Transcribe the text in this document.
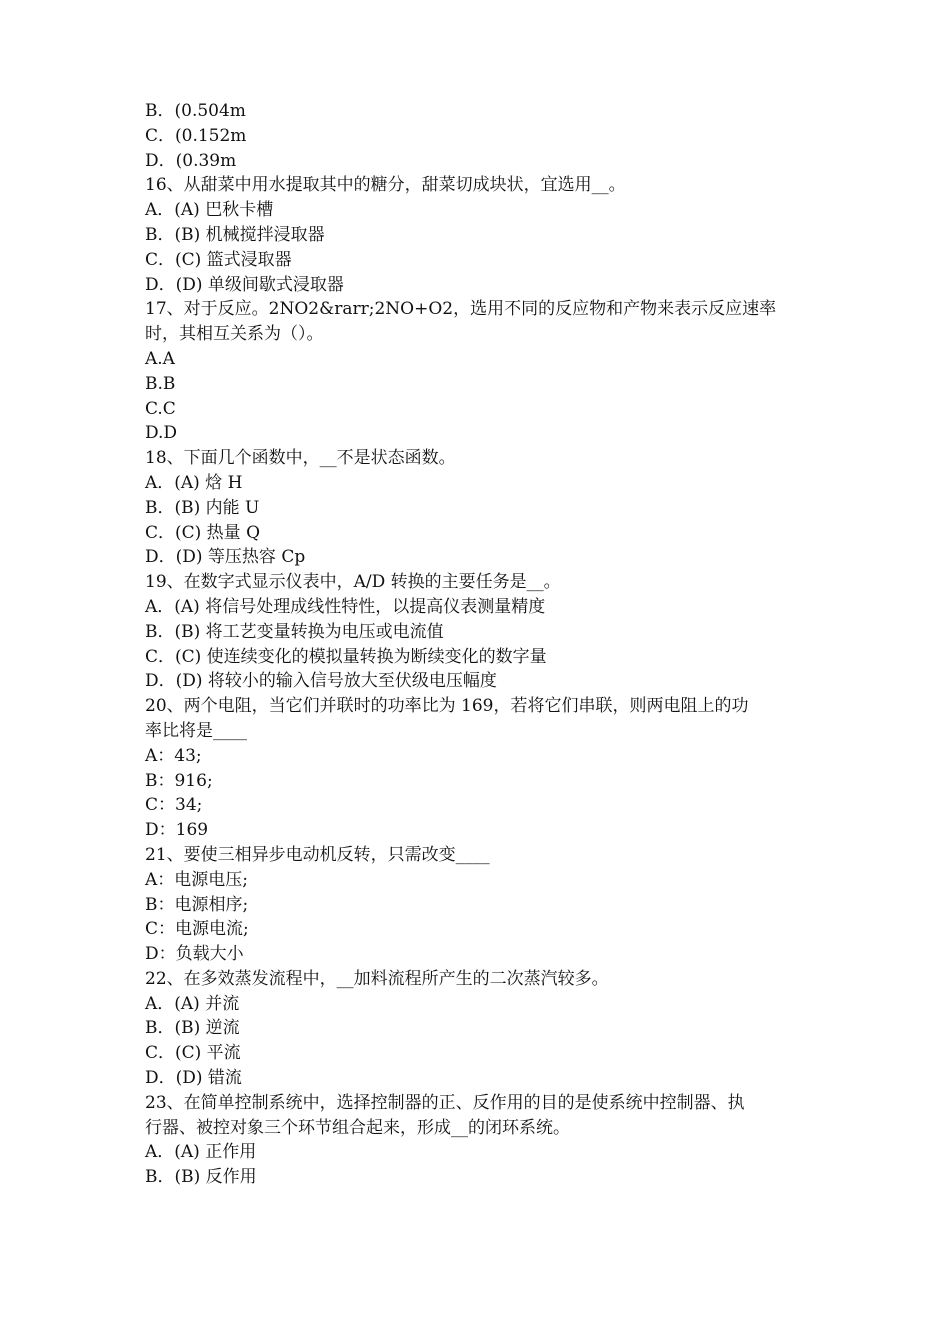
B．(0.504m
C．(0.152m
D．(0.39m
16、从甜菜中用水提取其中的糖分，甜菜切成块状，宜选用__。
A．(A) 巴秋卡槽
B．(B) 机械搅拌浸取器
C．(C) 篮式浸取器
D．(D) 单级间歇式浸取器
17、对于反应。2NO2&rarr;2NO+O2，选用不同的反应物和产物来表示反应速率
时，其相互关系为（）。
A.A
B.B
C.C
D.D
18、下面几个函数中，__不是状态函数。
A．(A) 焓 H
B．(B) 内能 U
C．(C) 热量 Q
D．(D) 等压热容 Cp
19、在数字式显示仪表中，A/D 转换的主要任务是__。
A．(A) 将信号处理成线性特性，以提高仪表测量精度
B．(B) 将工艺变量转换为电压或电流值
C．(C) 使连续变化的模拟量转换为断续变化的数字量
D．(D) 将较小的输入信号放大至伏级电压幅度
20、两个电阻，当它们并联时的功率比为 169，若将它们串联，则两电阻上的功
率比将是____
A：43;
B：916;
C：34;
D：169
21、要使三相异步电动机反转，只需改变____
A：电源电压;
B：电源相序;
C：电源电流;
D：负载大小
22、在多效蒸发流程中，__加料流程所产生的二次蒸汽较多。
A．(A) 并流
B．(B) 逆流
C．(C) 平流
D．(D) 错流
23、在简单控制系统中，选择控制器的正、反作用的目的是使系统中控制器、执
行器、被控对象三个环节组合起来，形成__的闭环系统。
A．(A) 正作用
B．(B) 反作用
